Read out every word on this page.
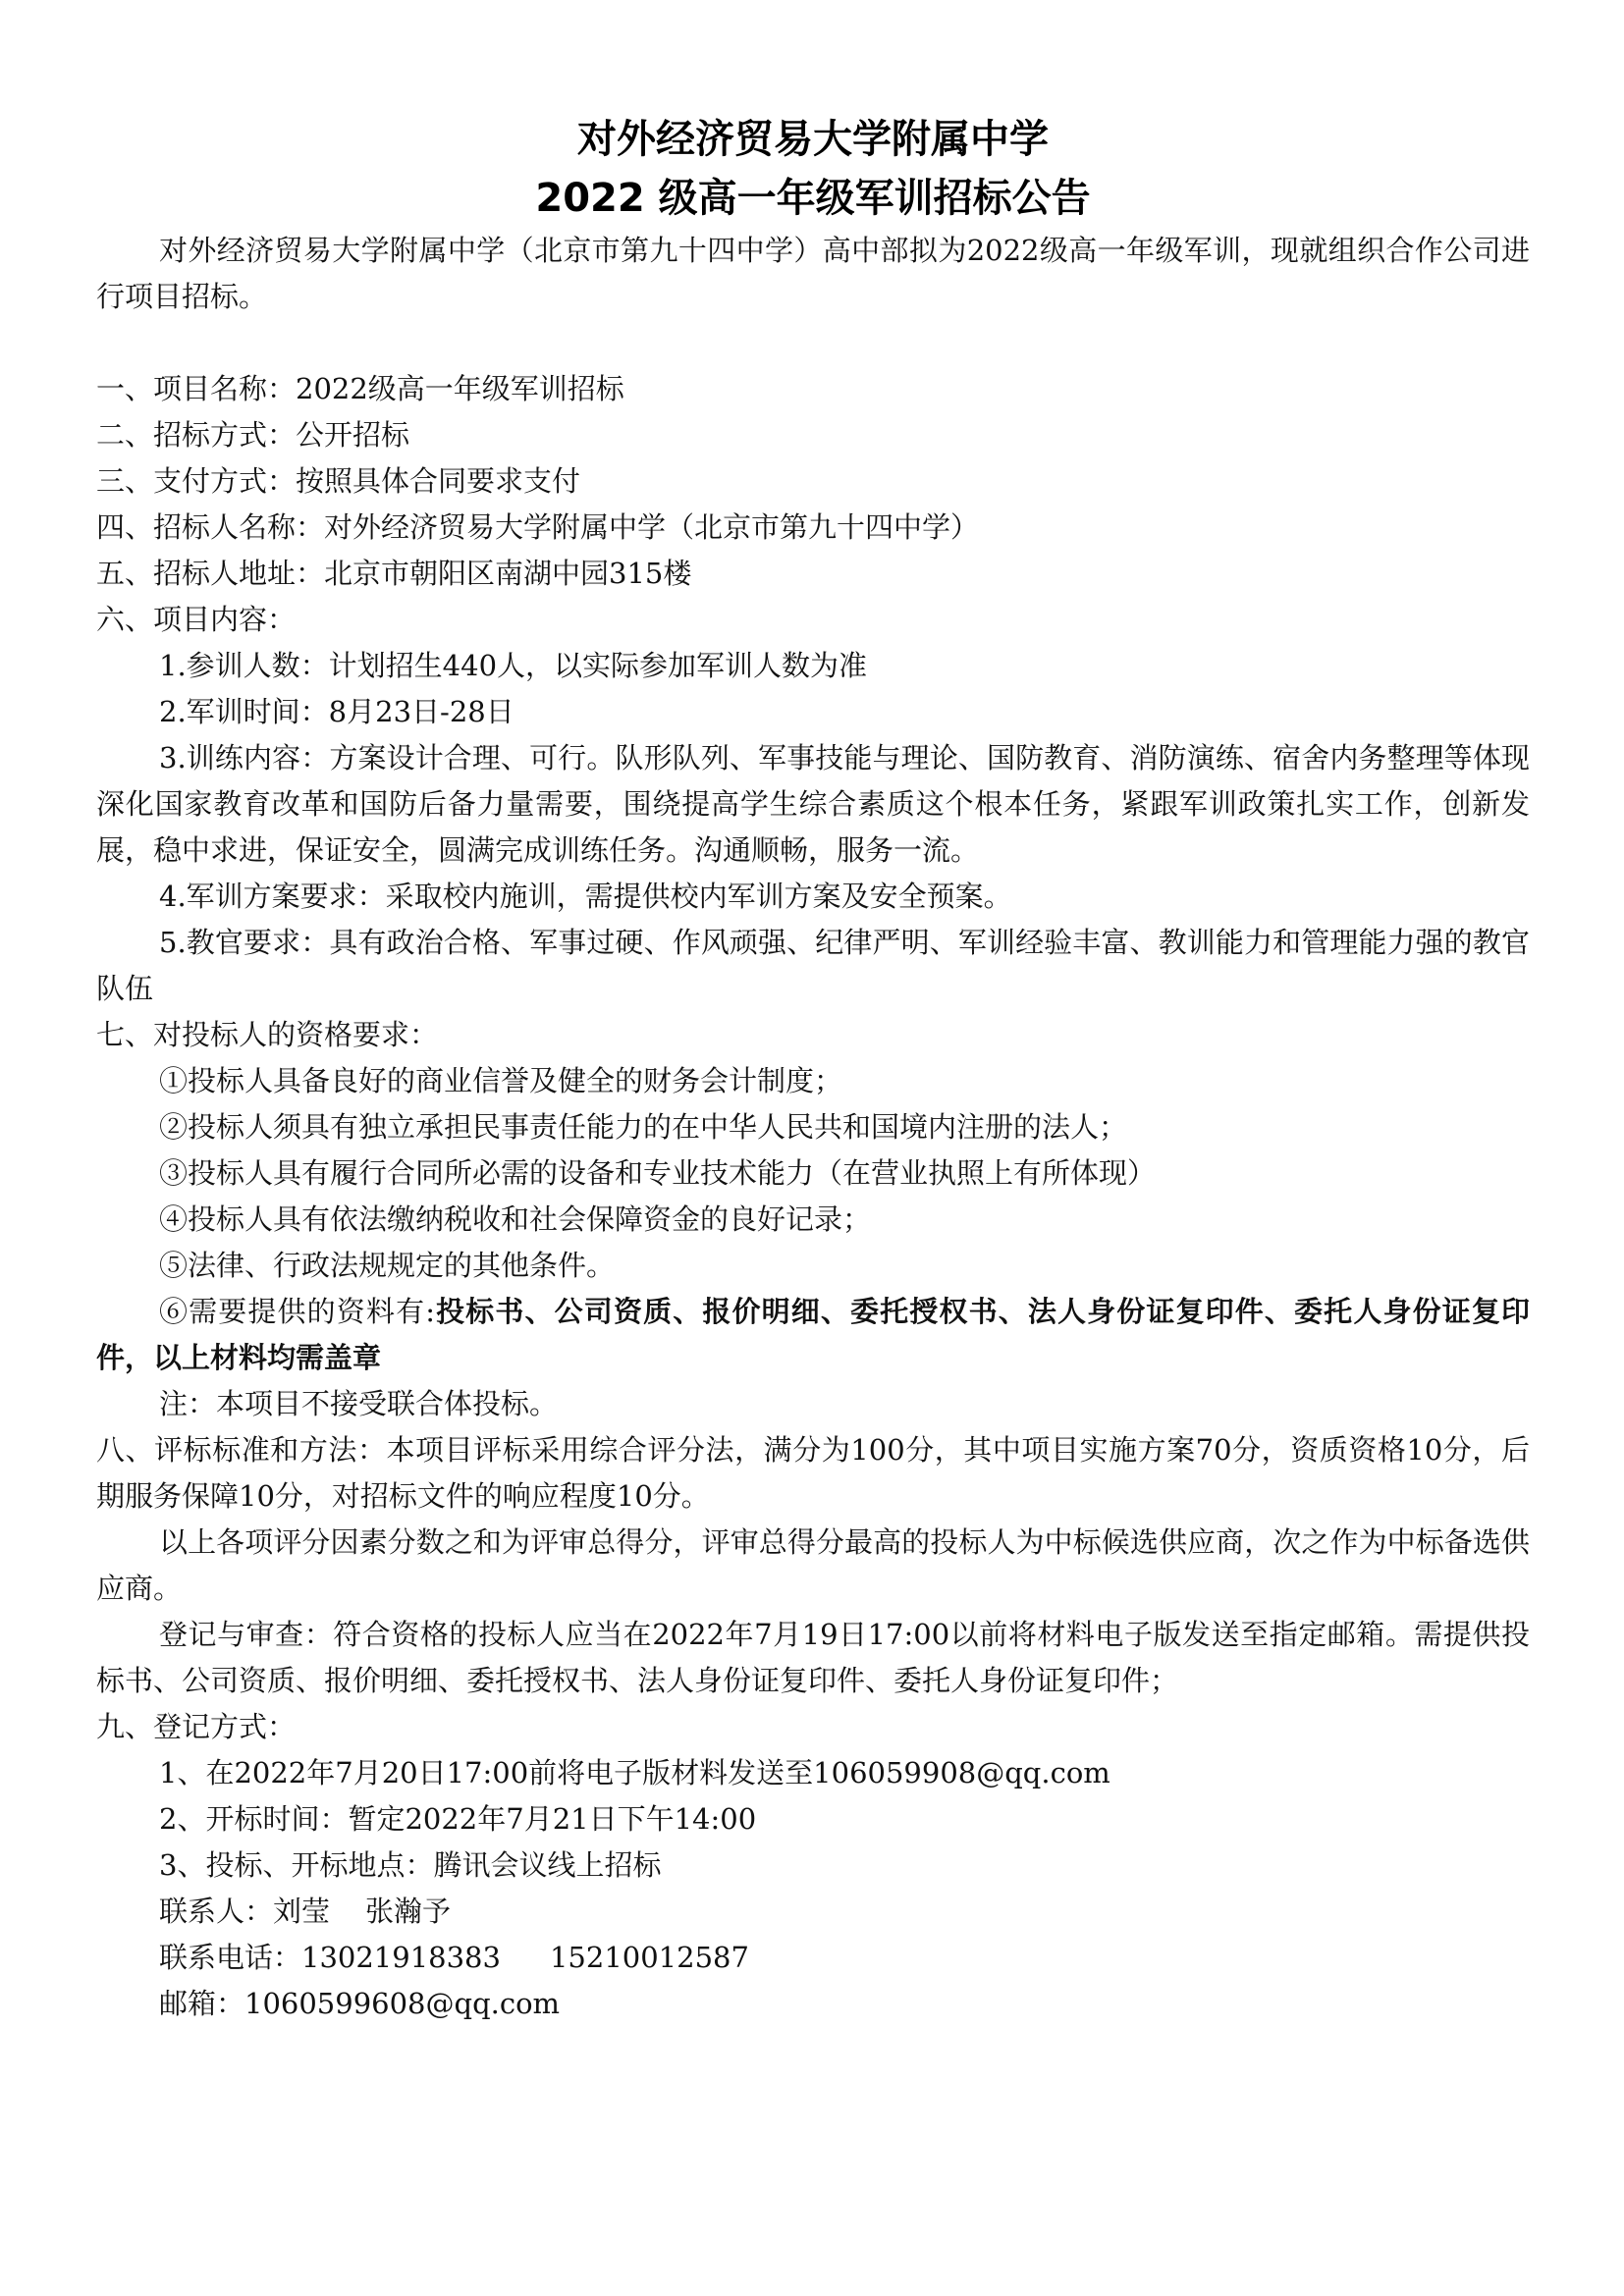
对外经济贸易大学附属中学
2022 级高一年级军训招标公告

对外经济贸易大学附属中学（北京市第九十四中学）高中部拟为2022级高一年级军训，现就组织合作公司进行项目招标。

一、项目名称：2022级高一年级军训招标

二、招标方式：公开招标

三、支付方式：按照具体合同要求支付

四、招标人名称：对外经济贸易大学附属中学（北京市第九十四中学）

五、招标人地址：北京市朝阳区南湖中园315楼

六、项目内容：

1.参训人数：计划招生440人，以实际参加军训人数为准

2.军训时间：8月23日-28日

3.训练内容：方案设计合理、可行。队形队列、军事技能与理论、国防教育、消防演练、宿舍内务整理等体现深化国家教育改革和国防后备力量需要，围绕提高学生综合素质这个根本任务，紧跟军训政策扎实工作，创新发展，稳中求进，保证安全，圆满完成训练任务。沟通顺畅，服务一流。

4.军训方案要求：采取校内施训，需提供校内军训方案及安全预案。

5.教官要求：具有政治合格、军事过硬、作风顽强、纪律严明、军训经验丰富、教训能力和管理能力强的教官队伍

七、对投标人的资格要求：

①投标人具备良好的商业信誉及健全的财务会计制度；

②投标人须具有独立承担民事责任能力的在中华人民共和国境内注册的法人；

③投标人具有履行合同所必需的设备和专业技术能力（在营业执照上有所体现）

④投标人具有依法缴纳税收和社会保障资金的良好记录；

⑤法律、行政法规规定的其他条件。

⑥需要提供的资料有:投标书、公司资质、报价明细、委托授权书、法人身份证复印件、委托人身份证复印件，以上材料均需盖章

注：本项目不接受联合体投标。

八、评标标准和方法：本项目评标采用综合评分法，满分为100分，其中项目实施方案70分，资质资格10分，后期服务保障10分，对招标文件的响应程度10分。

以上各项评分因素分数之和为评审总得分，评审总得分最高的投标人为中标候选供应商，次之作为中标备选供应商。

登记与审查：符合资格的投标人应当在2022年7月19日17:00以前将材料电子版发送至指定邮箱。需提供投标书、公司资质、报价明细、委托授权书、法人身份证复印件、委托人身份证复印件；

九、登记方式：

1、在2022年7月20日17:00前将电子版材料发送至106059908@qq.com

2、开标时间：暂定2022年7月21日下午14:00

3、投标、开标地点：腾讯会议线上招标

联系人：刘莹 张瀚予

联系电话：13021918383 15210012587

邮箱：1060599608@qq.com
